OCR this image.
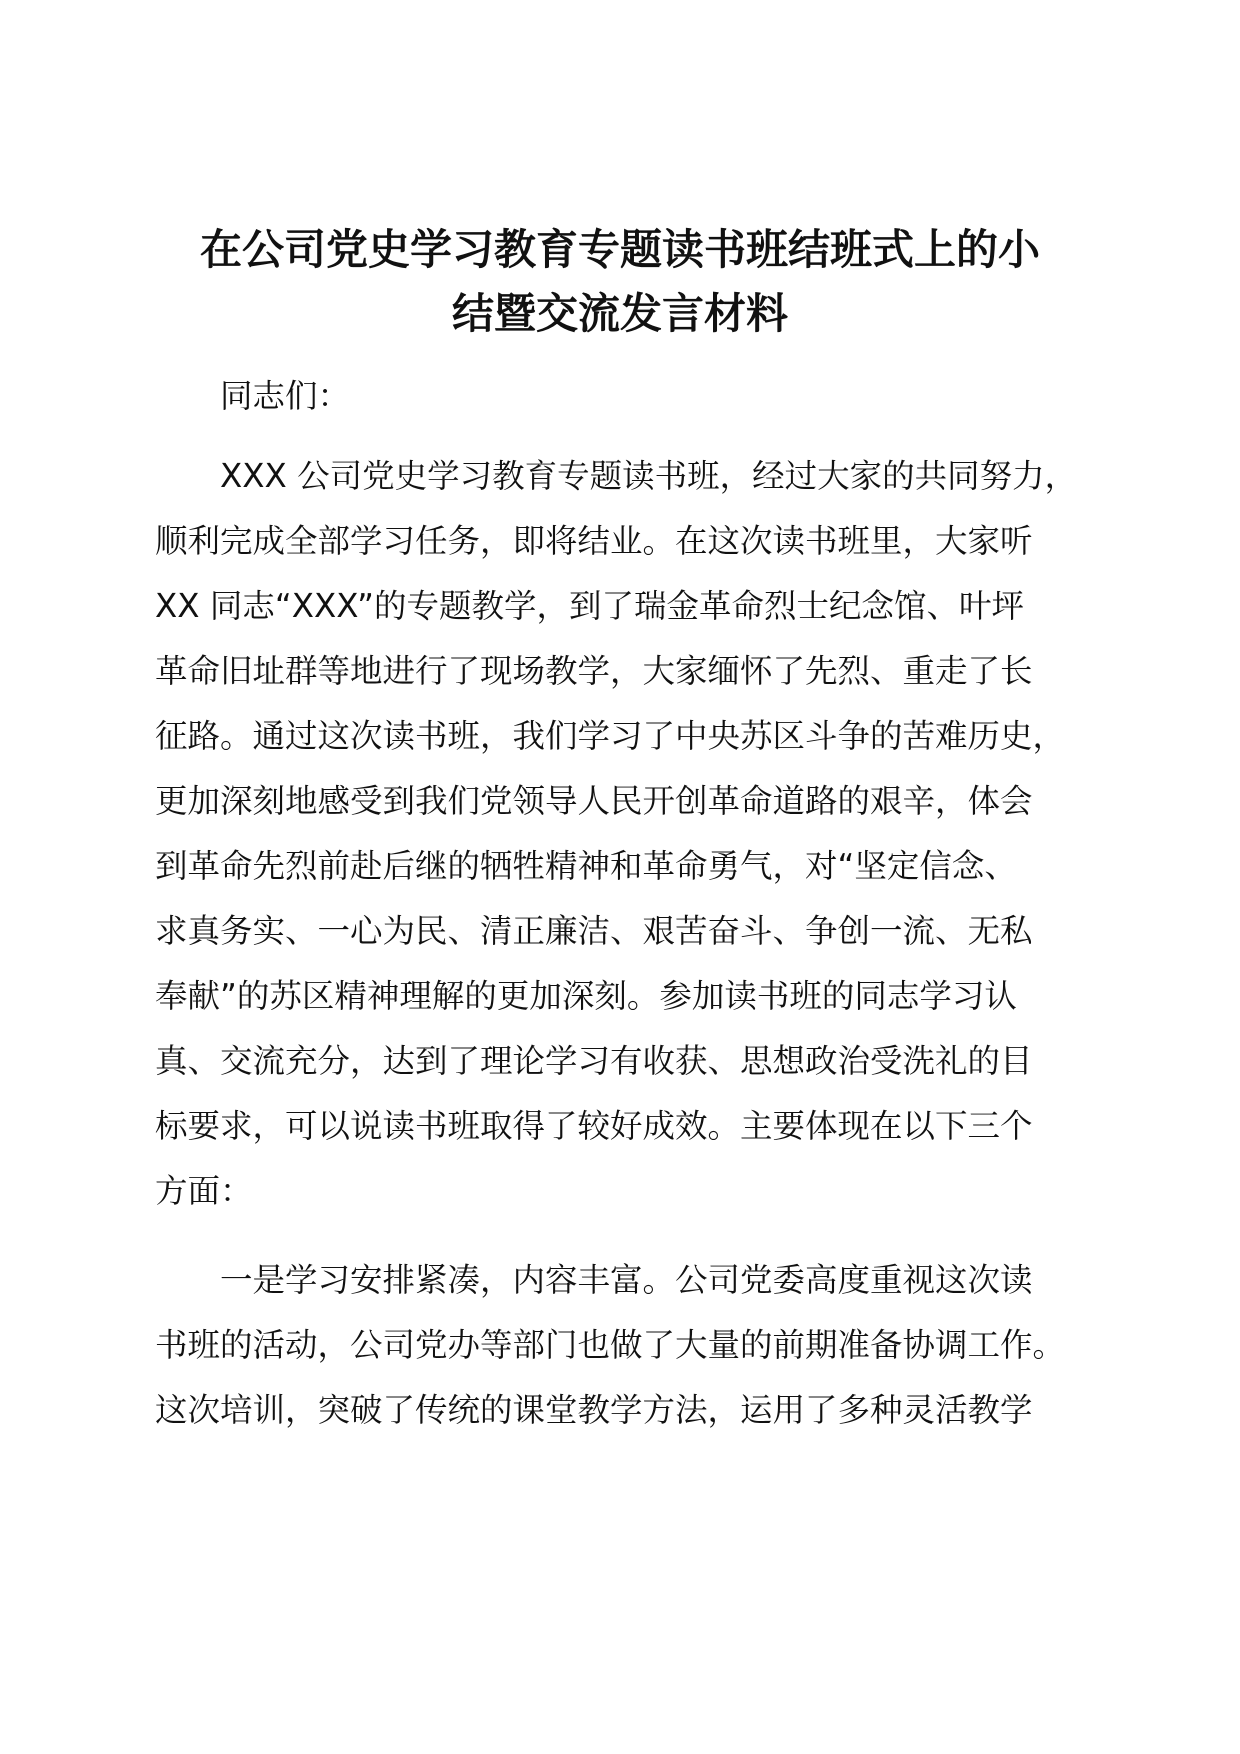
在公司党史学习教育专题读书班结班式上的小
结暨交流发言材料

同志们：

XXX 公司党史学习教育专题读书班，经过大家的共同努力，
顺利完成全部学习任务，即将结业。在这次读书班里，大家听
XX 同志“XXX”的专题教学，到了瑞金革命烈士纪念馆、叶坪
革命旧址群等地进行了现场教学，大家缅怀了先烈、重走了长
征路。通过这次读书班，我们学习了中央苏区斗争的苦难历史，
更加深刻地感受到我们党领导人民开创革命道路的艰辛，体会
到革命先烈前赴后继的牺牲精神和革命勇气，对“坚定信念、
求真务实、一心为民、清正廉洁、艰苦奋斗、争创一流、无私
奉献”的苏区精神理解的更加深刻。参加读书班的同志学习认
真、交流充分，达到了理论学习有收获、思想政治受洗礼的目
标要求，可以说读书班取得了较好成效。主要体现在以下三个
方面：

一是学习安排紧凑，内容丰富。公司党委高度重视这次读
书班的活动，公司党办等部门也做了大量的前期准备协调工作。
这次培训，突破了传统的课堂教学方法，运用了多种灵活教学
